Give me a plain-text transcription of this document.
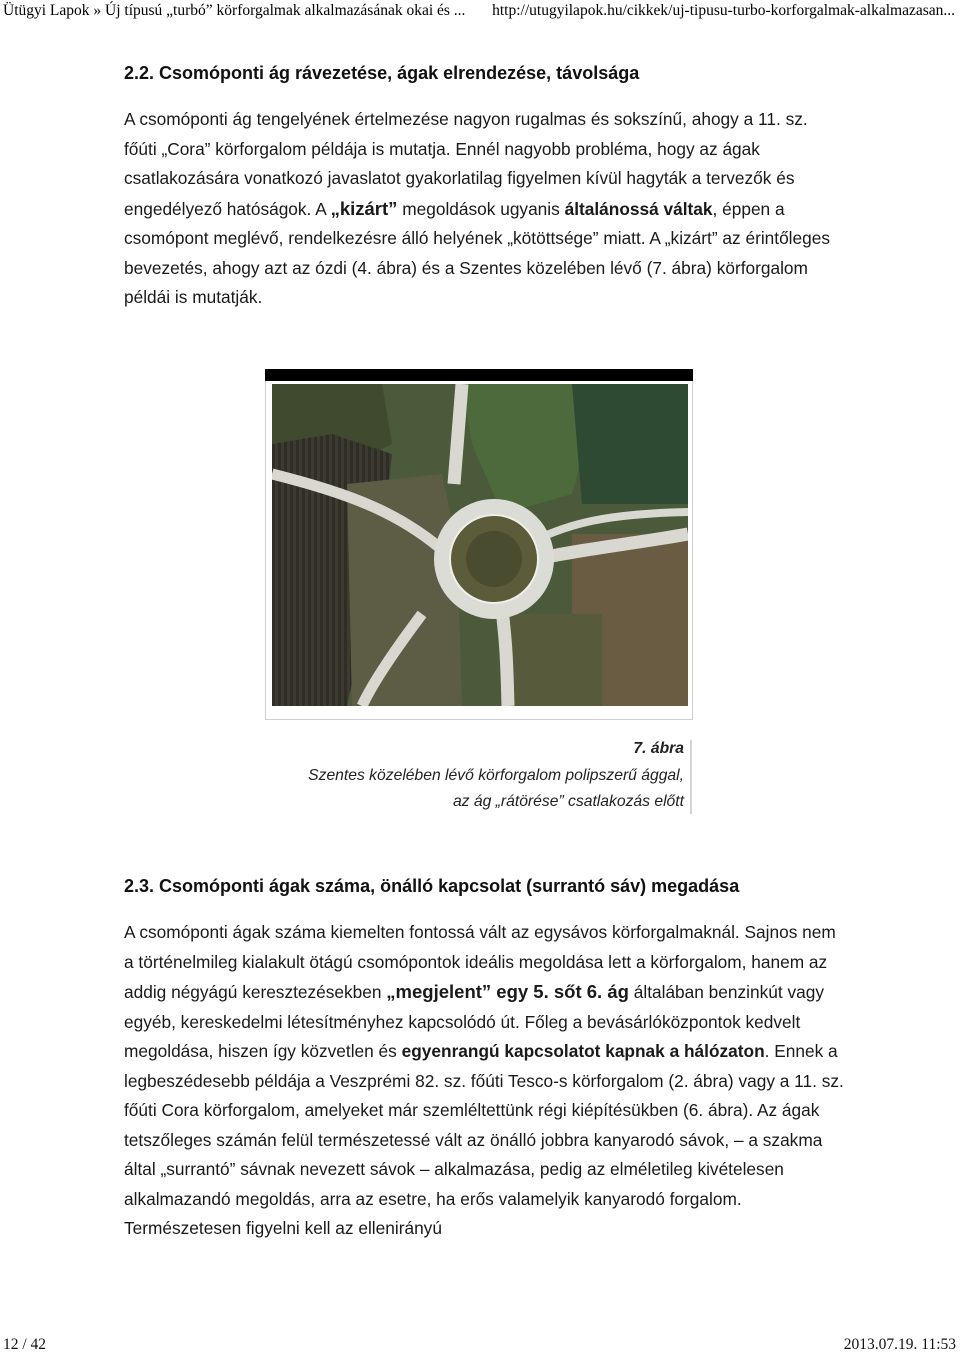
Ütügyi Lapok » Új típusú „turbó” körforgalmak alkalmazásának okai és ... http://utugyilapok.hu/cikkek/uj-tipusu-turbo-korforgalmak-alkalmazasan...
2.2. Csomóponti ág rávezetése, ágak elrendezése, távolsága

A csomóponti ág tengelyének értelmezése nagyon rugalmas és sokszínű, ahogy a 11. sz. főúti „Cora” körforgalom példája is mutatja. Ennél nagyobb probléma, hogy az ágak csatlakozására vonatkozó javaslatot gyakorlatilag figyelmen kívül hagyták a tervezők és engedélyező hatóságok. A „kizárt” megoldások ugyanis általánossá váltak, éppen a csomópont meglévő, rendelkezésre álló helyének „kötöttsége” miatt. A „kizárt” az érintőleges bevezetés, ahogy azt az ózdi (4. ábra) és a Szentes közelében lévő (7. ábra) körforgalom példái is mutatják.

7. ábra
Szentes közelében lévő körforgalom polipszerű ággal,
az ág „rátörése” csatlakozás előtt
2.3. Csomóponti ágak száma, önálló kapcsolat (surrantó sáv) megadása

A csomóponti ágak száma kiemelten fontossá vált az egysávos körforgalmaknál. Sajnos nem a történelmileg kialakult ötágú csomópontok ideális megoldása lett a körforgalom, hanem az addig négyágú keresztezésekben „megjelent” egy 5. sőt 6. ág általában benzinkút vagy egyéb, kereskedelmi létesítményhez kapcsolódó út. Főleg a bevásárlóközpontok kedvelt megoldása, hiszen így közvetlen és egyenrangú kapcsolatot kapnak a hálózaton. Ennek a legbeszédesebb példája a Veszprémi 82. sz. főúti Tesco-s körforgalom (2. ábra) vagy a 11. sz. főúti Cora körforgalom, amelyeket már szemléltettünk régi kiépítésükben (6. ábra). Az ágak tetszőleges számán felül természetessé vált az önálló jobbra kanyarodó sávok, – a szakma által „surrantó” sávnak nevezett sávok – alkalmazása, pedig az elméletileg kivételesen alkalmazandó megoldás, arra az esetre, ha erős valamelyik kanyarodó forgalom. Természetesen figyelni kell az ellenirányú

12 / 42	2013.07.19. 11:53
